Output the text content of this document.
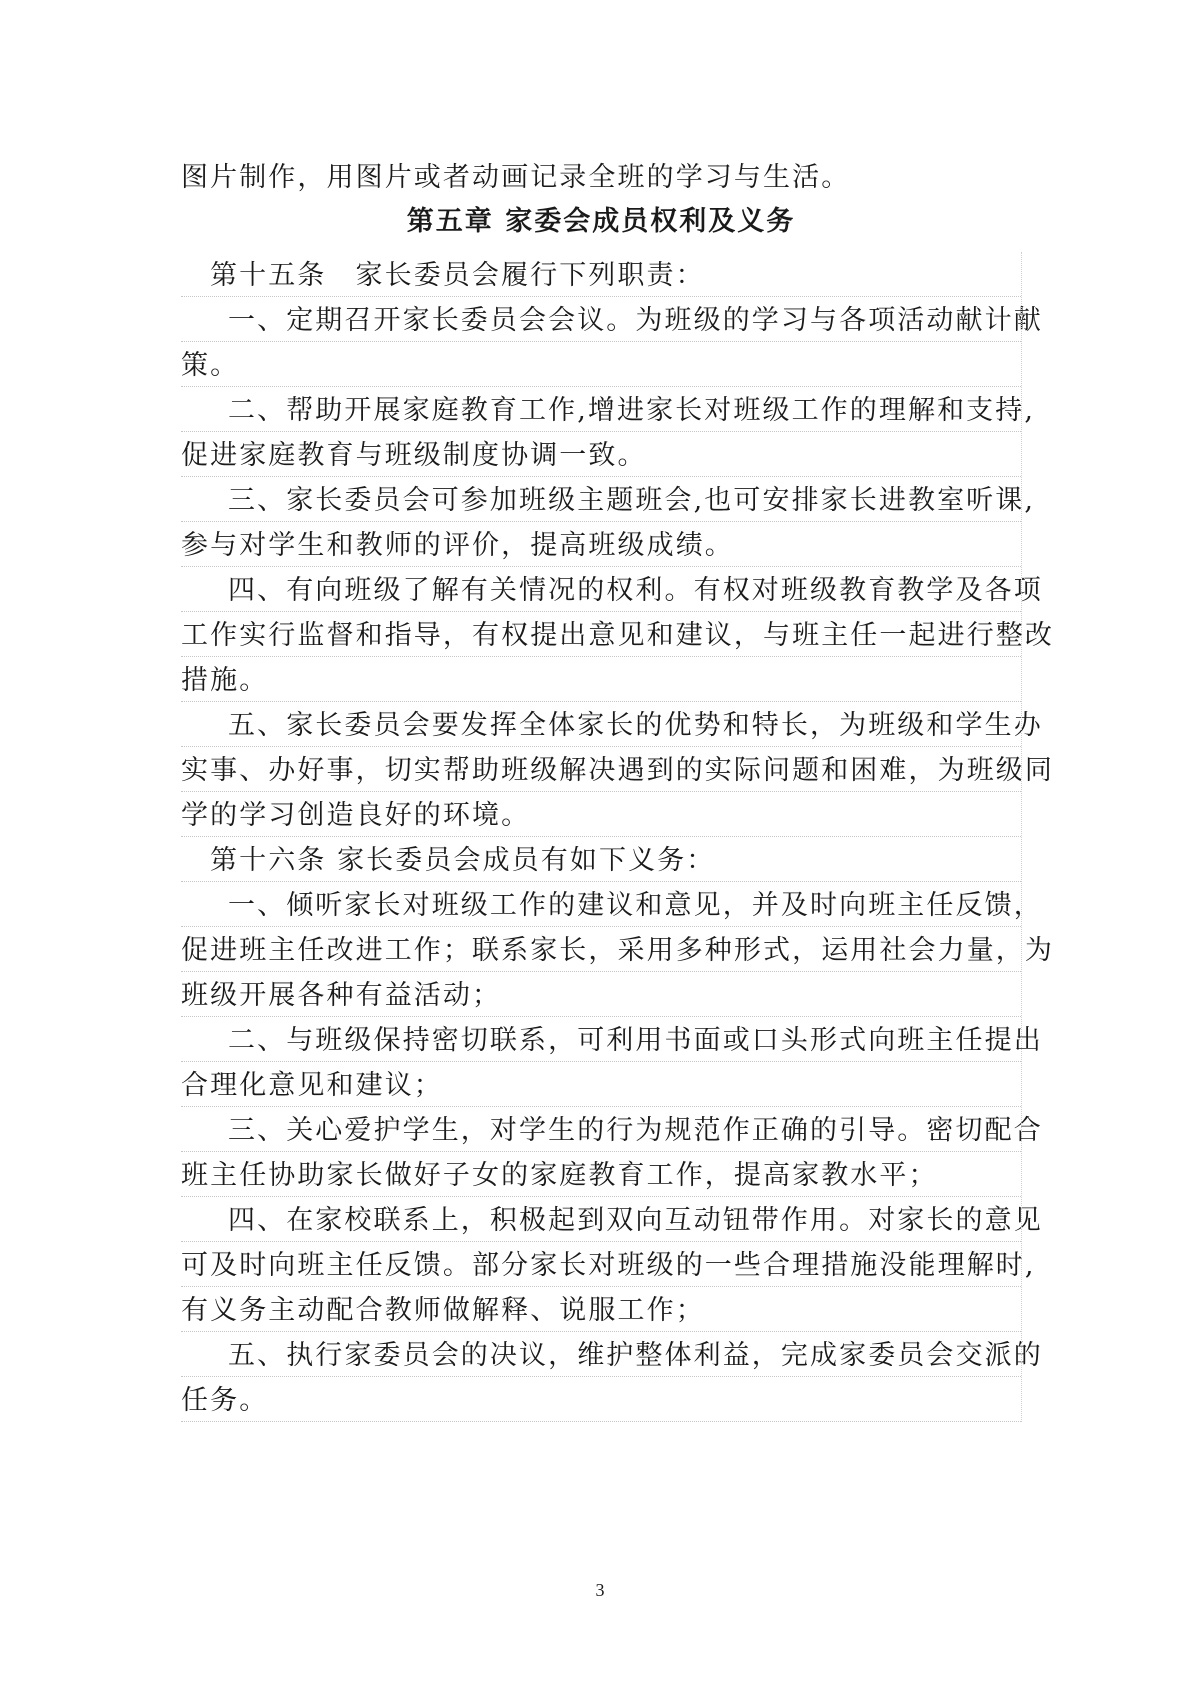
图片制作，用图片或者动画记录全班的学习与生活。
第五章 家委会成员权利及义务
第十五条　家长委员会履行下列职责：
一、定期召开家长委员会会议。为班级的学习与各项活动献计献
策。
二、帮助开展家庭教育工作,增进家长对班级工作的理解和支持,
促进家庭教育与班级制度协调一致。
三、家长委员会可参加班级主题班会,也可安排家长进教室听课,
参与对学生和教师的评价，提高班级成绩。
四、有向班级了解有关情况的权利。有权对班级教育教学及各项
工作实行监督和指导，有权提出意见和建议，与班主任一起进行整改
措施。
五、家长委员会要发挥全体家长的优势和特长，为班级和学生办
实事、办好事，切实帮助班级解决遇到的实际问题和困难，为班级同
学的学习创造良好的环境。
第十六条 家长委员会成员有如下义务：
一、倾听家长对班级工作的建议和意见，并及时向班主任反馈，
促进班主任改进工作；联系家长，采用多种形式，运用社会力量，为
班级开展各种有益活动；
二、与班级保持密切联系，可利用书面或口头形式向班主任提出
合理化意见和建议；
三、关心爱护学生，对学生的行为规范作正确的引导。密切配合
班主任协助家长做好子女的家庭教育工作，提高家教水平；
四、在家校联系上，积极起到双向互动钮带作用。对家长的意见
可及时向班主任反馈。部分家长对班级的一些合理措施没能理解时,
有义务主动配合教师做解释、说服工作；
五、执行家委员会的决议，维护整体利益，完成家委员会交派的
任务。
3
